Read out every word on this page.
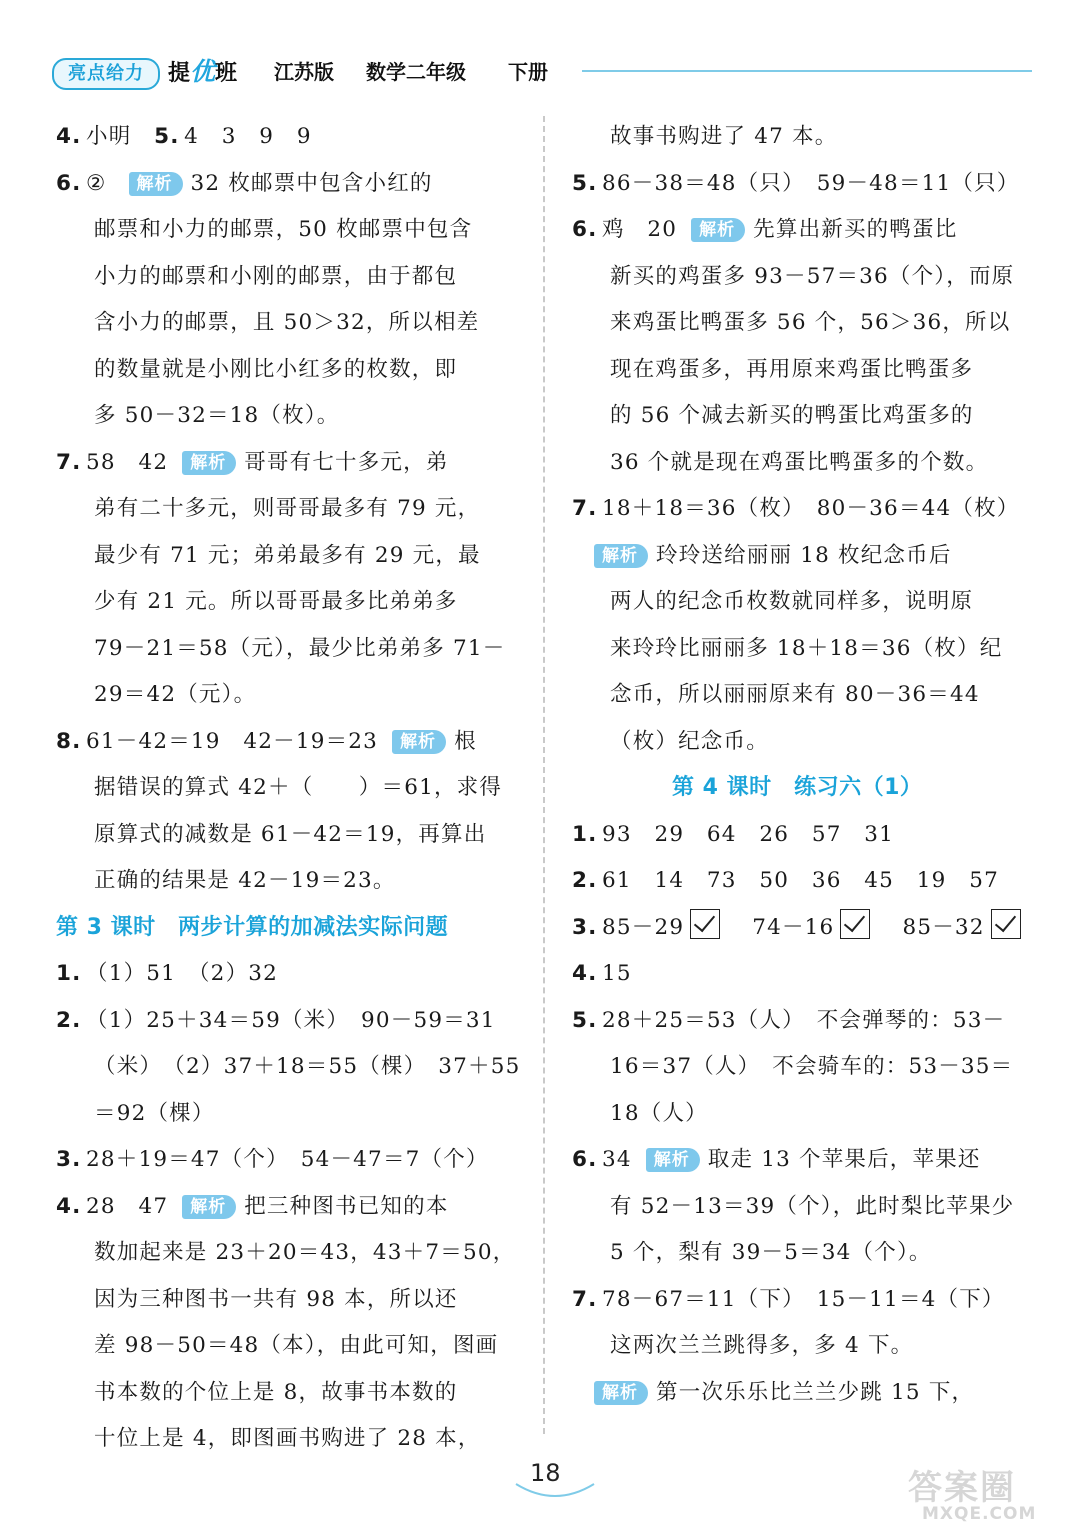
亮点给力	提优班 江苏版 数学二年级 下册
4. 小明　 5. 4　3　9　9
6. ② 解析 32 枚邮票中包含小红的
邮票和小力的邮票，50 枚邮票中包含
小力的邮票和小刚的邮票，由于都包
含小力的邮票，且 50＞32，所以相差
的数量就是小刚比小红多的枚数，即
多 50－32＝18（枚）。
7. 58　42 解析 哥哥有七十多元，弟
弟有二十多元，则哥哥最多有 79 元，
最少有 71 元；弟弟最多有 29 元，最
少有 21 元。所以哥哥最多比弟弟多
79－21＝58（元），最少比弟弟多 71－
29＝42（元）。
8. 61－42＝19　42－19＝23 解析 根
据错误的算式 42＋（　　）＝61，求得
原算式的减数是 61－42＝19，再算出
正确的结果是 42－19＝23。
第 3 课时　两步计算的加减法实际问题
1. （1）51　（2）32
2. （1）25＋34＝59（米）　90－59＝31
（米）　（2）37＋18＝55（棵）　37＋55
＝92（棵）
3. 28＋19＝47（个）　54－47＝7（个）
4. 28　47 解析 把三种图书已知的本
数加起来是 23＋20＝43，43＋7＝50，
因为三种图书一共有 98 本，所以还
差 98－50＝48（本），由此可知，图画
书本数的个位上是 8，故事书本数的
十位上是 4，即图画书购进了 28 本，
故事书购进了 47 本。
5. 86－38＝48（只）　59－48＝11（只）
6. 鸡　20 解析 先算出新买的鸭蛋比
新买的鸡蛋多 93－57＝36（个），而原
来鸡蛋比鸭蛋多 56 个，56＞36，所以
现在鸡蛋多，再用原来鸡蛋比鸭蛋多
的 56 个减去新买的鸭蛋比鸡蛋多的
36 个就是现在鸡蛋比鸭蛋多的个数。
7. 18＋18＝36（枚）　80－36＝44（枚）
解析 玲玲送给丽丽 18 枚纪念币后
两人的纪念币枚数就同样多，说明原
来玲玲比丽丽多 18＋18＝36（枚）纪
念币，所以丽丽原来有 80－36＝44
（枚）纪念币。
第 4 课时　练习六（1）
1. 93　29　64　26　57　31
2. 61　14　73　50　36　45　19　57
3. 85－29	74－16	85－32
4. 15
5. 28＋25＝53（人）　不会弹琴的：53－
16＝37（人）　不会骑车的：53－35＝
18（人）
6. 34 解析 取走 13 个苹果后，苹果还
有 52－13＝39（个），此时梨比苹果少
5 个，梨有 39－5＝34（个）。
7. 78－67＝11（下）　15－11＝4（下）
这两次兰兰跳得多，多 4 下。
解析 第一次乐乐比兰兰少跳 15 下，
18	答案圈
MXQE.COM
